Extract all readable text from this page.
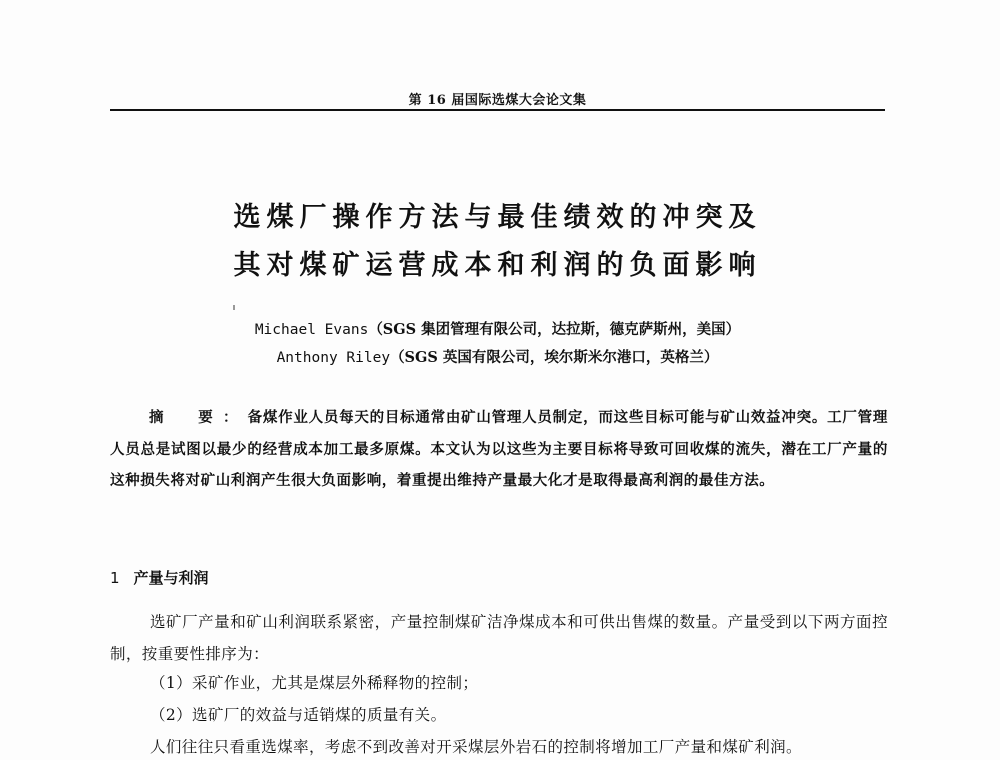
第 16 届国际选煤大会论文集
选煤厂操作方法与最佳绩效的冲突及
其对煤矿运营成本和利润的负面影响
Michael Evans（SGS 集团管理有限公司，达拉斯，德克萨斯州，美国）
Anthony Riley（SGS 英国有限公司，埃尔斯米尔港口，英格兰）
摘　要：备煤作业人员每天的目标通常由矿山管理人员制定，而这些目标可能与矿山效益冲突。工厂管理人员总是试图以最少的经营成本加工最多原煤。本文认为以这些为主要目标将导致可回收煤的流失，潜在工厂产量的这种损失将对矿山利润产生很大负面影响，着重提出维持产量最大化才是取得最高利润的最佳方法。
1 产量与利润
选矿厂产量和矿山利润联系紧密，产量控制煤矿洁净煤成本和可供出售煤的数量。产量受到以下两方面控制，按重要性排序为：
（1）采矿作业，尤其是煤层外稀释物的控制；
（2）选矿厂的效益与适销煤的质量有关。
人们往往只看重选煤率，考虑不到改善对开采煤层外岩石的控制将增加工厂产量和煤矿利润。
